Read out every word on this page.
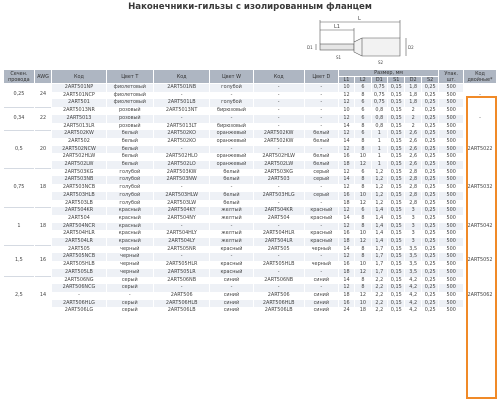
Наконечники-гильзы с изолированным фланцем
L
L1
D1	D2
S1
S2
Сечен. провода	AWG	Код	Цвет T	Код	Цвет W	Код	Цвет D	Размер, мм						Упак. шт.	Код двойные*
								L1	L2	D1	S1	D2	S2		
0,25	24	2ART501NP	фиолетовый	2ART501NB	голубой	-	-	10	6	0,75	0,15	1,8	0,25	500	-
		2ART501NCP	фиолетовый	-	-	-	-	12	8	0,75	0,15	1,8	0,25	500	
		2ART501	фиолетовый	2ART501LB	голубой	-	-	12	6	0,75	0,15	1,8	0,25	500	
0,34	22	2ART5013NR	розовый	2ART5013NT	бирюзовый	-	-	10	6	0,8	0,15	2	0,25	500	-
		2ART5013	розовый	-	-	-	-	12	6	0,8	0,15	2	0,25	500	
		2ART5013LR	розовый	2ART5013LT	бирюзовый	-	-	14	8	0,8	0,15	2	0,25	500	
0,5	20	2ART502KW	белый	2ART502KO	оранжевый	2ART502KW	белый	12	6	1	0,15	2,6	0,25	500	2ART5022
		2ART502	белый	2ART502KO	оранжевый	2ART502KW	белый	14	8	1	0,15	2,6	0,25	500	
		2ART502NCW	белый	-	-	-	-	12	8	1	0,15	2,6	0,25	500	
		2ART502HLW	белый	2ART502HLO	оранжевый	2ART502HLW	белый	16	10	1	0,15	2,6	0,25	500	
		2ART502LW	белый	2ART502LO	оранжевый	2ART502LW	белый	18	12	1	0,15	2,6	0,25	500	
0,75	18	2ART503KG	голубой	2ART503KW	белый	2ART503KG	серый	12	6	1,2	0,15	2,8	0,25	500	2ART5032
		2ART503NB	голубой	2ART503NW	белый	2ART503	серый	14	8	1,2	0,15	2,8	0,25	500	
		2ART503NCB	голубой	-	-	-	-	12	8	1,2	0,15	2,8	0,25	500	
		2ART503HLB	голубой	2ART503HLW	белый	2ART503HLG	серый	16	10	1,2	0,15	2,8	0,25	500	
		2ART503LB	голубой	2ART503LW	белый	-	-	18	12	1,2	0,15	2,8	0,25	500	
1	18	2ART504KR	красный	2ART504KY	желтый	2ART504KR	красный	12	6	1,4	0,15	3	0,25	500	2ART5042
		2ART504	красный	2ART504NY	желтый	2ART504	красный	14	8	1,4	0,15	3	0,25	500	
		2ART504NCR	красный	-	-	-	-	12	8	1,4	0,15	3	0,25	500	
		2ART504HLR	красный	2ART504HLY	желтый	2ART504HLR	красный	16	10	1,4	0,15	3	0,25	500	
		2ART504LR	красный	2ART504LY	желтый	2ART504LR	красный	18	12	1,4	0,15	3	0,25	500	
1,5	16	2ART505	черный	2ART505NR	красный	2ART505	черный	14	8	1,7	0,15	3,5	0,25	500	2ART5052
		2ART505NCB	черный	-	-	-	-	12	8	1,7	0,15	3,5	0,25	500	
		2ART505HLB	черный	2ART505HLR	красный	2ART505HLB	черный	16	10	1,7	0,15	3,5	0,25	500	
		2ART505LB	черный	2ART505LR	красный	-	-	18	12	1,7	0,15	3,5	0,25	500	
2,5	14	2ART506NG	серый	2ART506NB	синий	2ART506NB	синий	14	8	2,2	0,15	4,2	0,25	500	2ART5062
		2ART506NCG	серый	-	-	-	-	12	8	2,2	0,15	4,2	0,25	500	
		-	-	2ART506	синий	2ART506	синий	18	12	2,2	0,15	4,2	0,25	500	
		2ART506HLG	серый	2ART506HLB	синий	2ART506HLB	синий	16	10	2,2	0,15	4,2	0,25	500	
		2ART506LG	серый	2ART506LB	синий	2ART506LB	синий	24	18	2,2	0,15	4,2	0,25	500	
